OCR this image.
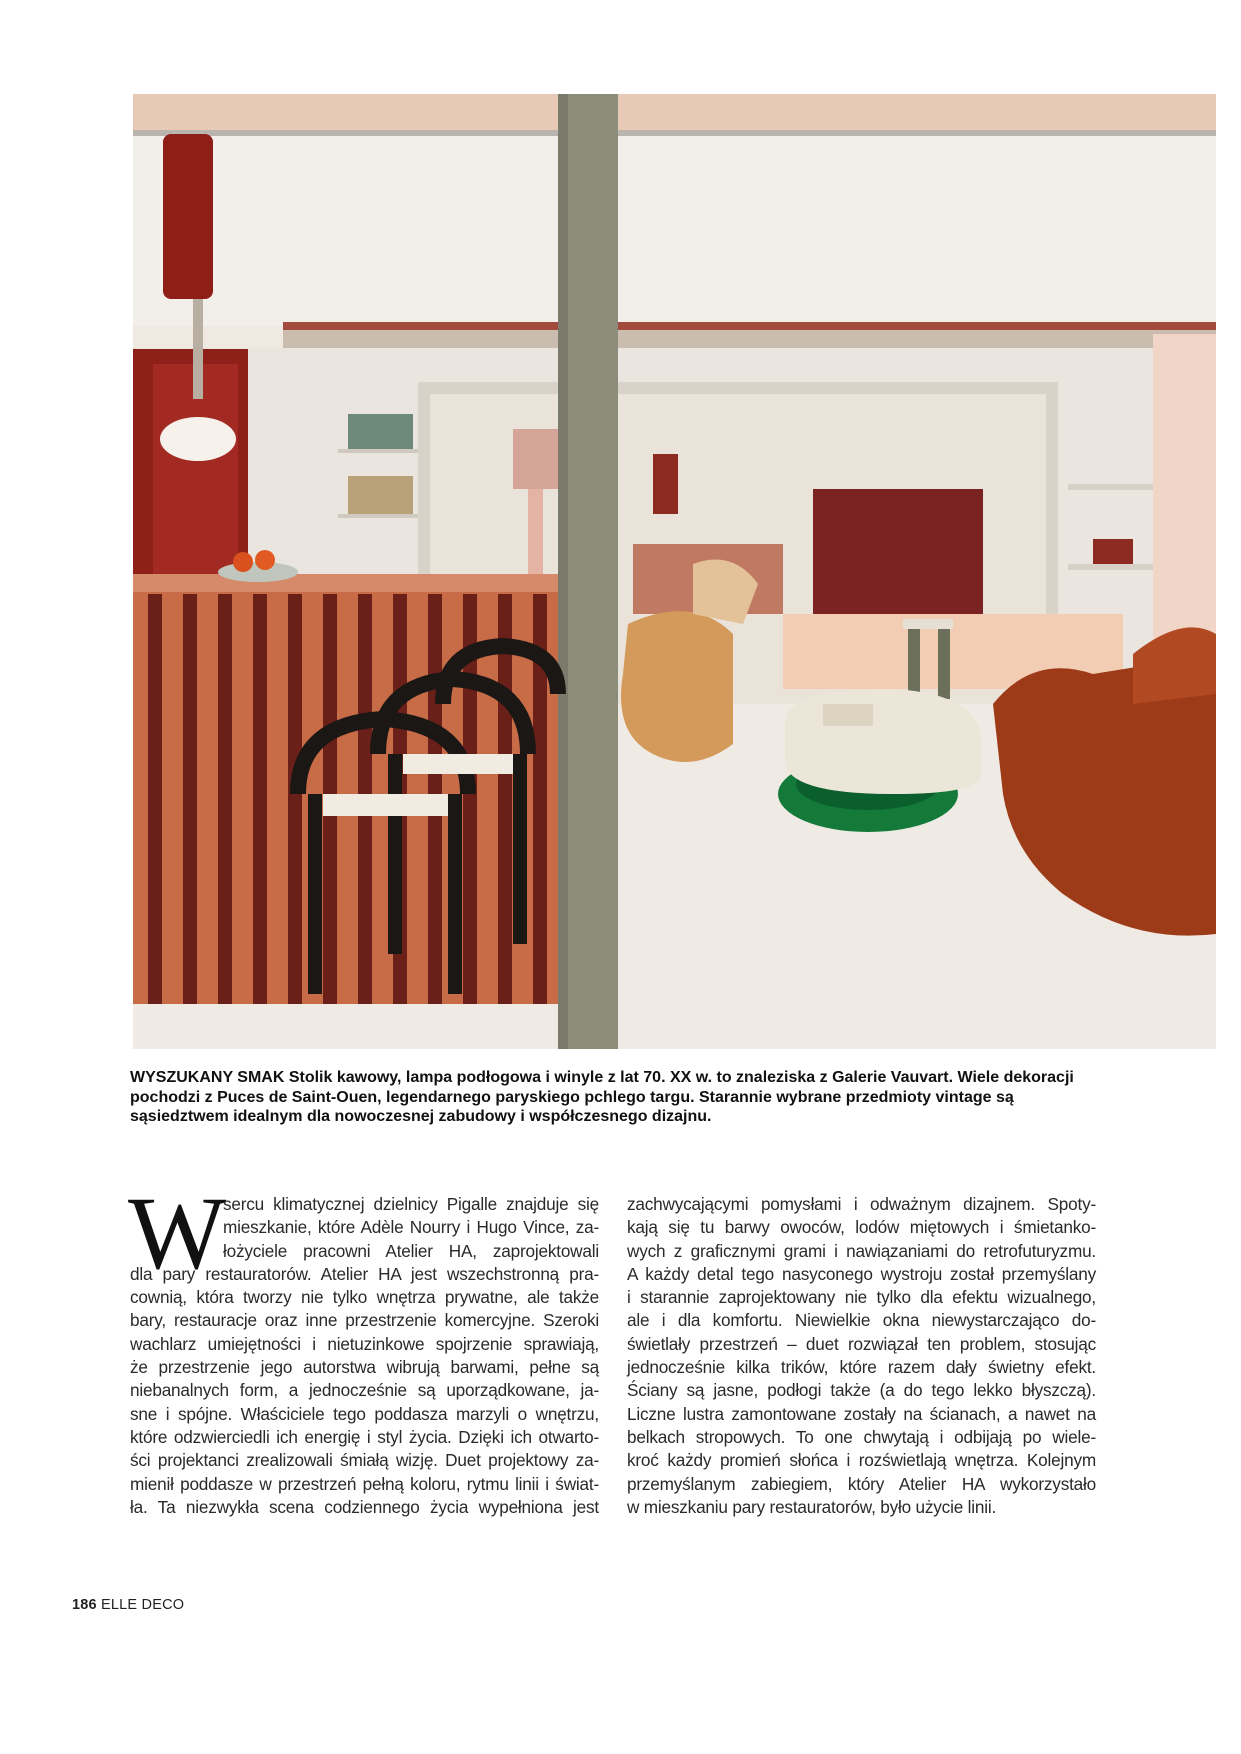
WYSZUKANY SMAK Stolik kawowy, lampa podłogowa i winyle z lat 70. XX w. to znaleziska z Galerie Vauvart. Wiele dekoracji pochodzi z Puces de Saint-Ouen, legendarnego paryskiego pchlego targu. Starannie wybrane przedmioty vintage są sąsiedztwem idealnym dla nowoczesnej zabudowy i współczesnego dizajnu.
W sercu klimatycznej dzielnicy Pigalle znajduje się
mieszkanie, które Adèle Nourry i Hugo Vince, za-
łożyciele pracowni Atelier HA, zaprojektowali
dla pary restauratorów. Atelier HA jest wszechstronną pra-
cownią, która tworzy nie tylko wnętrza prywatne, ale także
bary, restauracje oraz inne przestrzenie komercyjne. Szeroki
wachlarz umiejętności i nietuzinkowe spojrzenie sprawiają,
że przestrzenie jego autorstwa wibrują barwami, pełne są
niebanalnych form, a jednocześnie są uporządkowane, ja-
sne i spójne. Właściciele tego poddasza marzyli o wnętrzu,
które odzwierciedli ich energię i styl życia. Dzięki ich otwarto-
ści projektanci zrealizowali śmiałą wizję. Duet projektowy za-
mienił poddasze w przestrzeń pełną koloru, rytmu linii i świat-
ła. Ta niezwykła scena codziennego życia wypełniona jest
zachwycającymi pomysłami i odważnym dizajnem. Spoty-
kają się tu barwy owoców, lodów miętowych i śmietanko-
wych z graficznymi grami i nawiązaniami do retrofuturyzmu.
A każdy detal tego nasyconego wystroju został przemyślany
i starannie zaprojektowany nie tylko dla efektu wizualnego,
ale i dla komfortu. Niewielkie okna niewystarczająco do-
świetlały przestrzeń – duet rozwiązał ten problem, stosując
jednocześnie kilka trików, które razem dały świetny efekt.
Ściany są jasne, podłogi także (a do tego lekko błyszczą).
Liczne lustra zamontowane zostały na ścianach, a nawet na
belkach stropowych. To one chwytają i odbijają po wiele-
kroć każdy promień słońca i rozświetlają wnętrza. Kolejnym
przemyślanym zabiegiem, który Atelier HA wykorzystało
w mieszkaniu pary restauratorów, było użycie linii.
186 ELLE DECO
